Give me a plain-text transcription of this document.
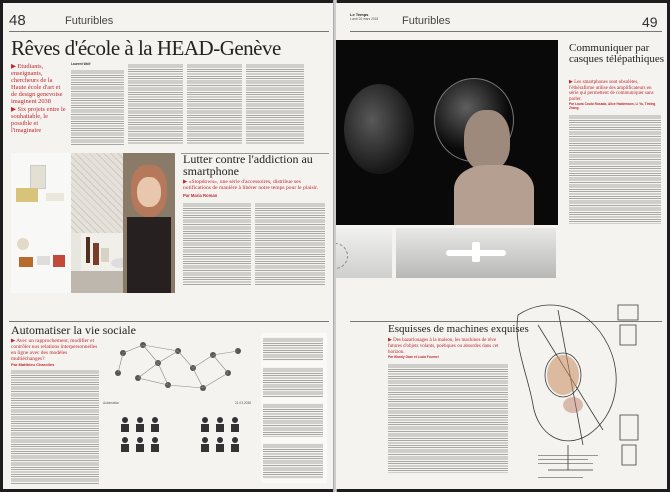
48	Futuribles
Rêves d'école à la HEAD-Genève
▶ Etudiants, enseignants, chercheurs de la Haute école d'art et de design genevoise imaginent 2038
▶ Six projets entre le souhaitable, le possible et l'imaginaire
Laurent Wolf
Lutter contre l'addiction au smartphone
▶ «Stopdown», une série d'accessoires, distribue ses notifications de manière à libérer notre temps pour le plaisir.
Par Maria Roman
Automatiser la vie sociale
▶ Avec un rapprochement, modifier et contrôler nos relations interpersonnelles en ligne avec des modèles multiéchanges?
Par Matthieu Charolles
Automation	21.03.2038
Le Temps
Lundi 26 mars 2018 Futuribles	49
Communiquer par casques télépathiques
▶ Les smartphones sont obsolètes, l'éthérafirme utilise des amplificateurs en série qui permettent de communiquer sans parler.
Par Laura Couto Rosado, Alice Haldemann, Li Yu, Tinting Zhang
Esquisses de machines exquises
▶ Des bazarlouages à la maison, les machines de rêve futures d'objets volants, poétiques ou absurdes dans cet horizon.
Par Woody Gaze et Lucia Fournel
